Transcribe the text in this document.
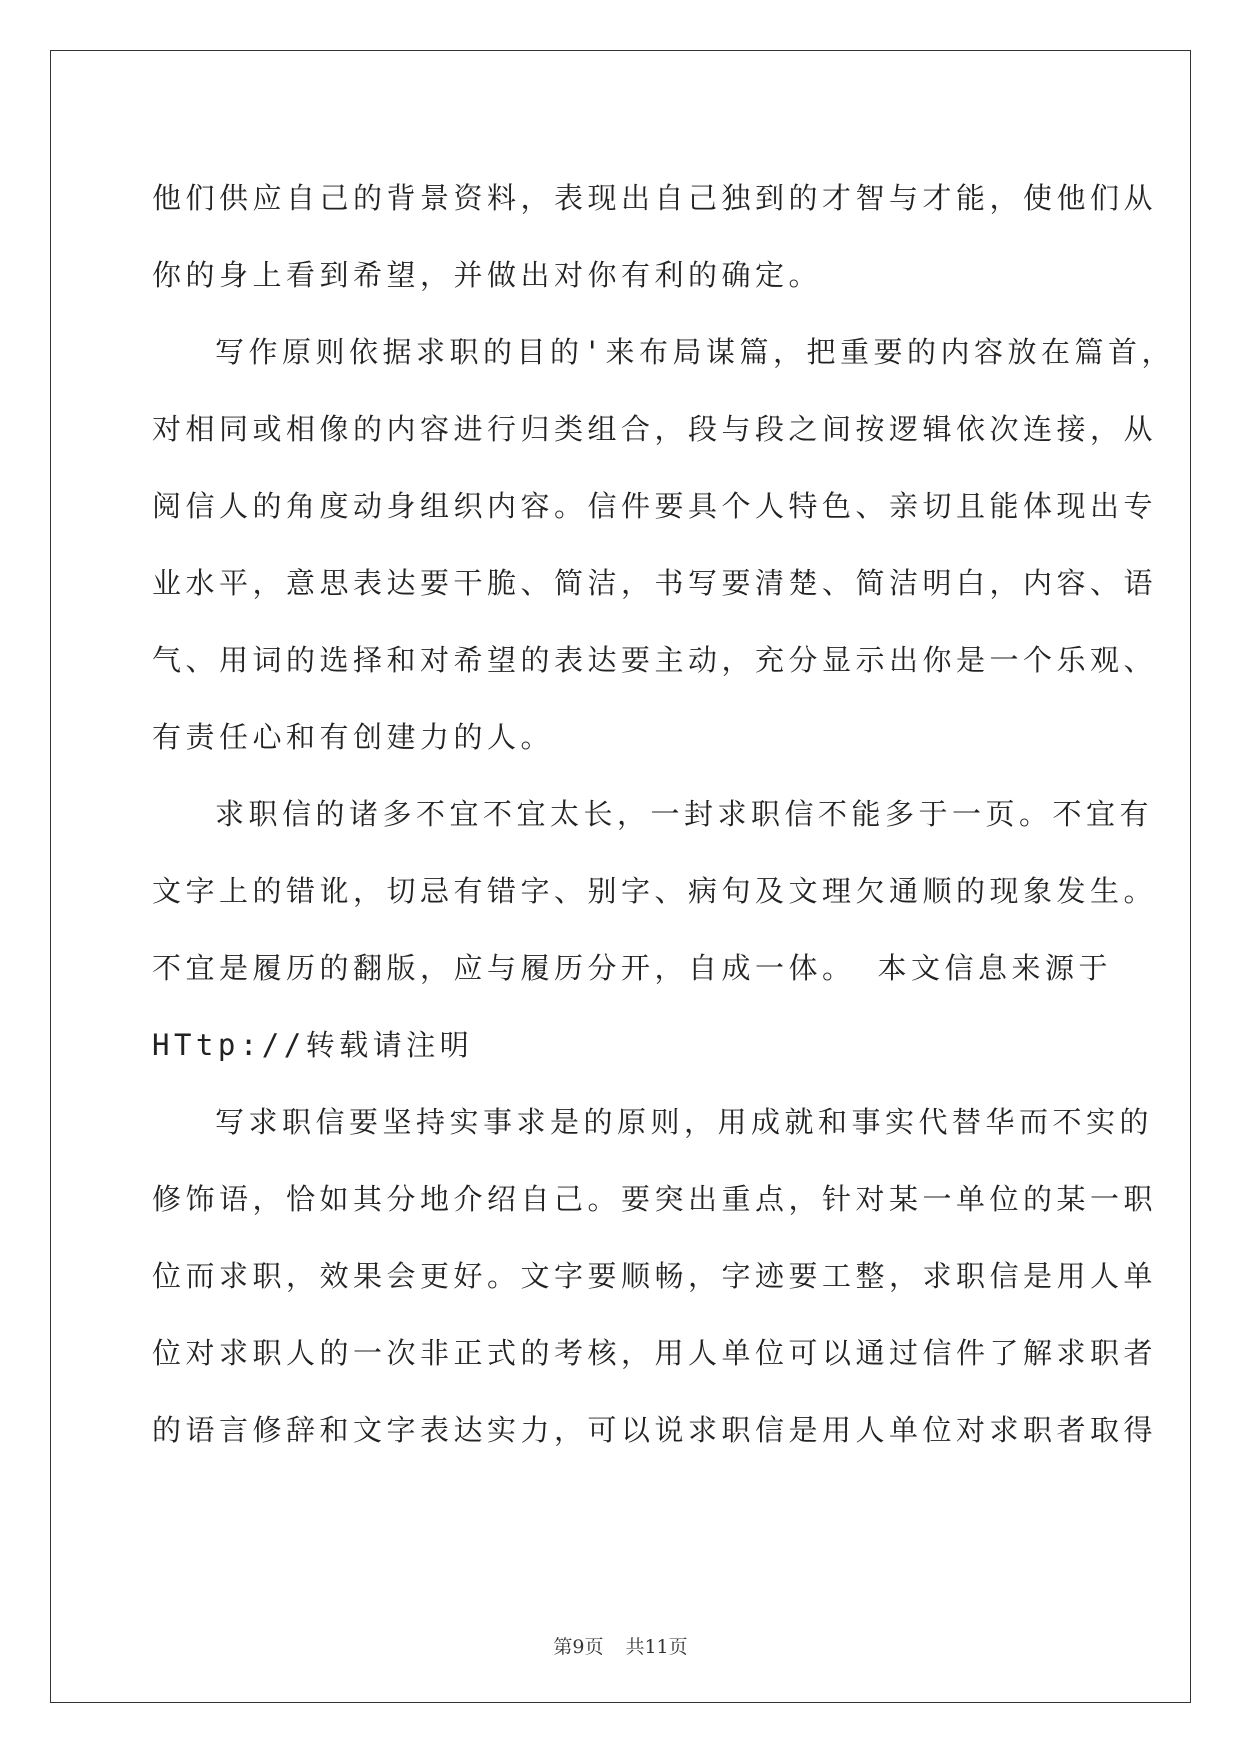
他们供应自己的背景资料，表现出自己独到的才智与才能，使他们从

你的身上看到希望，并做出对你有利的确定。

写作原则依据求职的目的'来布局谋篇，把重要的内容放在篇首，

对相同或相像的内容进行归类组合，段与段之间按逻辑依次连接，从

阅信人的角度动身组织内容。信件要具个人特色、亲切且能体现出专

业水平，意思表达要干脆、简洁，书写要清楚、简洁明白，内容、语

气、用词的选择和对希望的表达要主动，充分显示出你是一个乐观、

有责任心和有创建力的人。

求职信的诸多不宜不宜太长，一封求职信不能多于一页。不宜有

文字上的错讹，切忌有错字、别字、病句及文理欠通顺的现象发生。

不宜是履历的翻版，应与履历分开，自成一体。 本文信息来源于

HTtp://转载请注明

写求职信要坚持实事求是的原则，用成就和事实代替华而不实的

修饰语，恰如其分地介绍自己。要突出重点，针对某一单位的某一职

位而求职，效果会更好。文字要顺畅，字迹要工整，求职信是用人单

位对求职人的一次非正式的考核，用人单位可以通过信件了解求职者

的语言修辞和文字表达实力，可以说求职信是用人单位对求职者取得

第9页 共11页
